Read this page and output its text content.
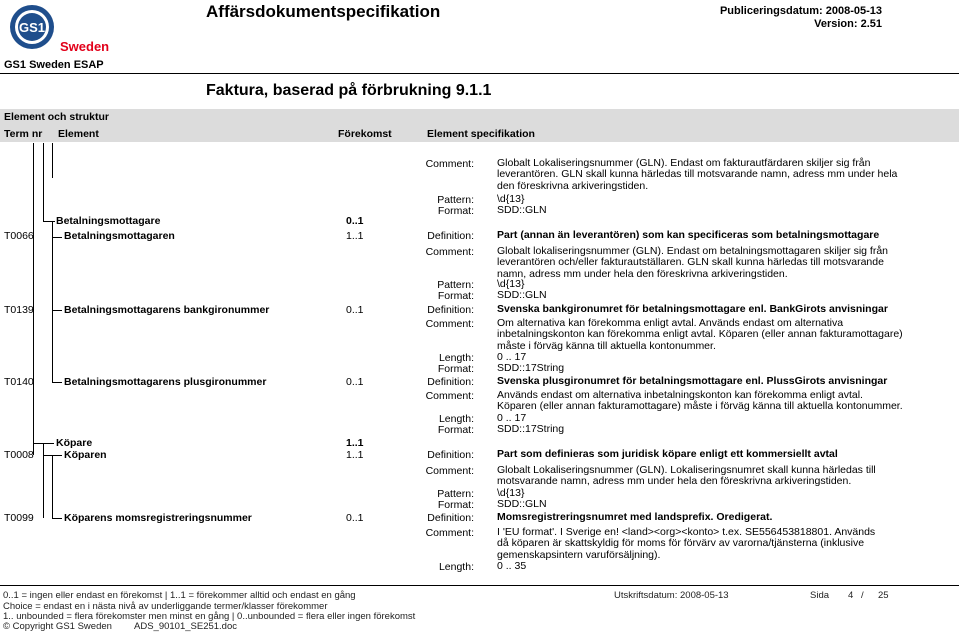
GS1
Sweden
Affärsdokumentspecifikation	Publiceringsdatum: 2008-05-13
Version: 2.51
GS1 Sweden ESAP
Faktura, baserad på förbrukning 9.1.1
Element och struktur
Term nr Element	Förekomst	Element specifikation
Comment: Globalt Lokaliseringsnummer (GLN). Endast om fakturautfärdaren skiljer sig från leverantören. GLN skall kunna härledas till motsvarande namn, adress mm under hela den föreskrivna arkiveringstiden.
Pattern: \d{13}
Format: SDD::GLN
Betalningsmottagare	0..1
T0066	Betalningsmottagaren	1..1	Definition: Part (annan än leverantören) som kan specificeras som betalningsmottagare
Comment: Globalt lokaliseringsnummer (GLN). Endast om betalningsmottagaren skiljer sig från leverantören och/eller fakturautställaren. GLN skall kunna härledas till motsvarande namn, adress mm under hela den föreskrivna arkiveringstiden.
Pattern: \d{13}
Format: SDD::GLN
T0139	Betalningsmottagarens bankgironummer	0..1	Definition: Svenska bankgironumret för betalningsmottagare enl. BankGirots anvisningar
Comment: Om alternativa kan förekomma enligt avtal. Används endast om alternativa inbetalningskonton kan förekomma enligt avtal. Köparen (eller annan fakturamottagare) måste i förväg känna till aktuella kontonummer.
Length: 0 .. 17
Format: SDD::17String
T0140	Betalningsmottagarens plusgironummer	0..1	Definition: Svenska plusgironumret för betalningsmottagare enl. PlussGirots anvisningar
Comment: Används endast om alternativa inbetalningskonton kan förekomma enligt avtal. Köparen (eller annan fakturamottagare) måste i förväg känna till aktuella kontonummer.
Length: 0 .. 17
Format: SDD::17String
Köpare	1..1
T0008	Köparen	1..1	Definition: Part som definieras som juridisk köpare enligt ett kommersiellt avtal
Comment: Globalt Lokaliseringsnummer (GLN). Lokaliseringsnumret skall kunna härledas till motsvarande namn, adress mm under hela den föreskrivna arkiveringstiden.
Pattern: \d{13}
Format: SDD::GLN
T0099	Köparens momsregistreringsnummer	0..1	Definition: Momsregistreringsnumret med landsprefix. Oredigerat.
Comment: I 'EU format'. I Sverige en! <land><org><konto> t.ex. SE556453818801. Används då köparen är skattskyldig för moms för förvärv av varorna/tjänsterna (inklusive gemenskapsintern varuförsäljning).
Length: 0 .. 35
0..1 = ingen eller endast en förekomst | 1..1 = förekommer alltid och endast en gång
Choice = endast en i nästa nivå av underliggande termer/klasser förekommer
1.. unbounded = flera förekomster men minst en gång | 0..unbounded = flera eller ingen förekomst
© Copyright GS1 Sweden ADS_90101_SE251.doc
Utskriftsdatum: 2008-05-13	Sida 4 / 25
